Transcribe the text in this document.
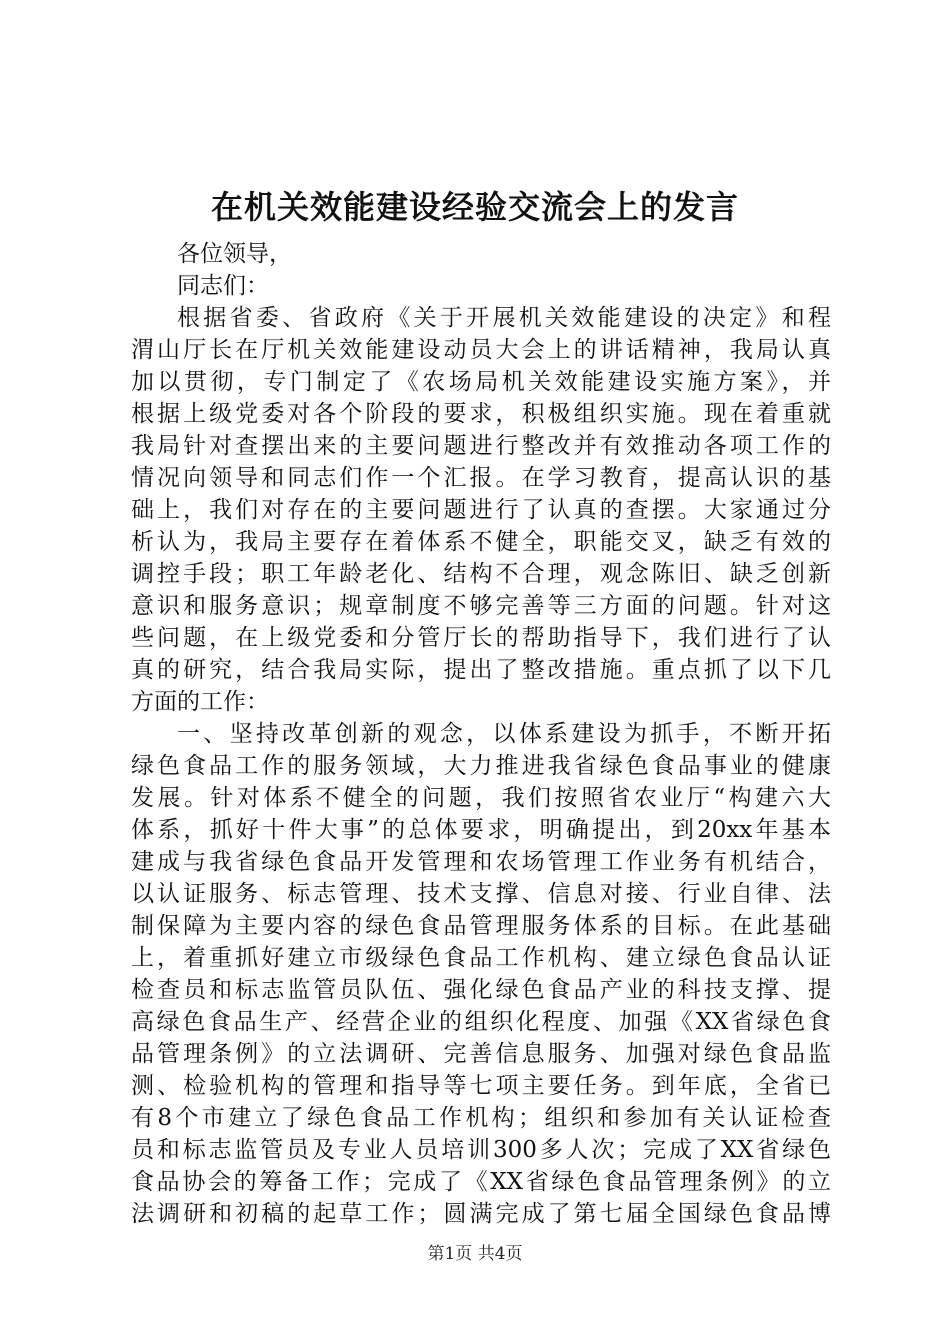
在机关效能建设经验交流会上的发言
各位领导，
同志们：
根据省委、省政府《关于开展机关效能建设的决定》和程
渭山厅长在厅机关效能建设动员大会上的讲话精神，我局认真
加以贯彻，专门制定了《农场局机关效能建设实施方案》，并
根据上级党委对各个阶段的要求，积极组织实施。现在着重就
我局针对查摆出来的主要问题进行整改并有效推动各项工作的
情况向领导和同志们作一个汇报。在学习教育，提高认识的基
础上，我们对存在的主要问题进行了认真的查摆。大家通过分
析认为，我局主要存在着体系不健全，职能交叉，缺乏有效的
调控手段；职工年龄老化、结构不合理，观念陈旧、缺乏创新
意识和服务意识；规章制度不够完善等三方面的问题。针对这
些问题，在上级党委和分管厅长的帮助指导下，我们进行了认
真的研究，结合我局实际，提出了整改措施。重点抓了以下几
方面的工作：
一、坚持改革创新的观念，以体系建设为抓手，不断开拓
绿色食品工作的服务领域，大力推进我省绿色食品事业的健康
发展。针对体系不健全的问题，我们按照省农业厅“构建六大
体系，抓好十件大事”的总体要求，明确提出，到20xx年基本
建成与我省绿色食品开发管理和农场管理工作业务有机结合，
以认证服务、标志管理、技术支撑、信息对接、行业自律、法
制保障为主要内容的绿色食品管理服务体系的目标。在此基础
上，着重抓好建立市级绿色食品工作机构、建立绿色食品认证
检查员和标志监管员队伍、强化绿色食品产业的科技支撑、提
高绿色食品生产、经营企业的组织化程度、加强《XX省绿色食
品管理条例》的立法调研、完善信息服务、加强对绿色食品监
测、检验机构的管理和指导等七项主要任务。到年底，全省已
有8个市建立了绿色食品工作机构；组织和参加有关认证检查
员和标志监管员及专业人员培训300多人次；完成了XX省绿色
食品协会的筹备工作；完成了《XX省绿色食品管理条例》的立
法调研和初稿的起草工作；圆满完成了第七届全国绿色食品博
第1页 共4页
